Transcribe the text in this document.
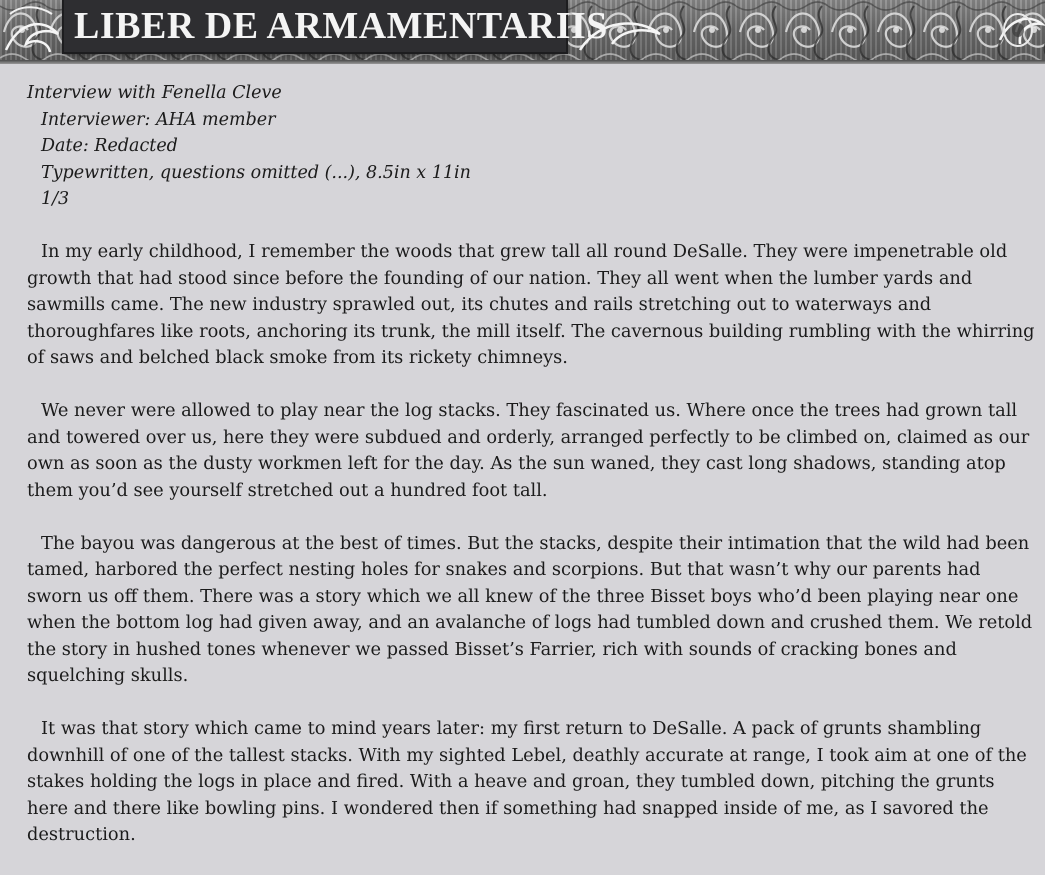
LIBER DE ARMAMENTARIIS
Interview with Fenella Cleve
Interviewer: AHA member
Date: Redacted
Typewritten, questions omitted (...), 8.5in x 11in
1/3

In my early childhood, I remember the woods that grew tall all round DeSalle. They were impenetrable old growth that had stood since before the founding of our nation. They all went when the lumber yards and sawmills came. The new industry sprawled out, its chutes and rails stretching out to waterways and thoroughfares like roots, anchoring its trunk, the mill itself. The cavernous building rumbling with the whirring of saws and belched black smoke from its rickety chimneys.

We never were allowed to play near the log stacks. They fascinated us. Where once the trees had grown tall and towered over us, here they were subdued and orderly, arranged perfectly to be climbed on, claimed as our own as soon as the dusty workmen left for the day. As the sun waned, they cast long shadows, standing atop them you’d see yourself stretched out a hundred foot tall.

The bayou was dangerous at the best of times. But the stacks, despite their intimation that the wild had been tamed, harbored the perfect nesting holes for snakes and scorpions. But that wasn’t why our parents had sworn us off them. There was a story which we all knew of the three Bisset boys who’d been playing near one when the bottom log had given away, and an avalanche of logs had tumbled down and crushed them. We retold the story in hushed tones whenever we passed Bisset’s Farrier, rich with sounds of cracking bones and squelching skulls.

It was that story which came to mind years later: my first return to DeSalle. A pack of grunts shambling downhill of one of the tallest stacks. With my sighted Lebel, deathly accurate at range, I took aim at one of the stakes holding the logs in place and fired. With a heave and groan, they tumbled down, pitching the grunts here and there like bowling pins. I wondered then if something had snapped inside of me, as I savored the destruction.
